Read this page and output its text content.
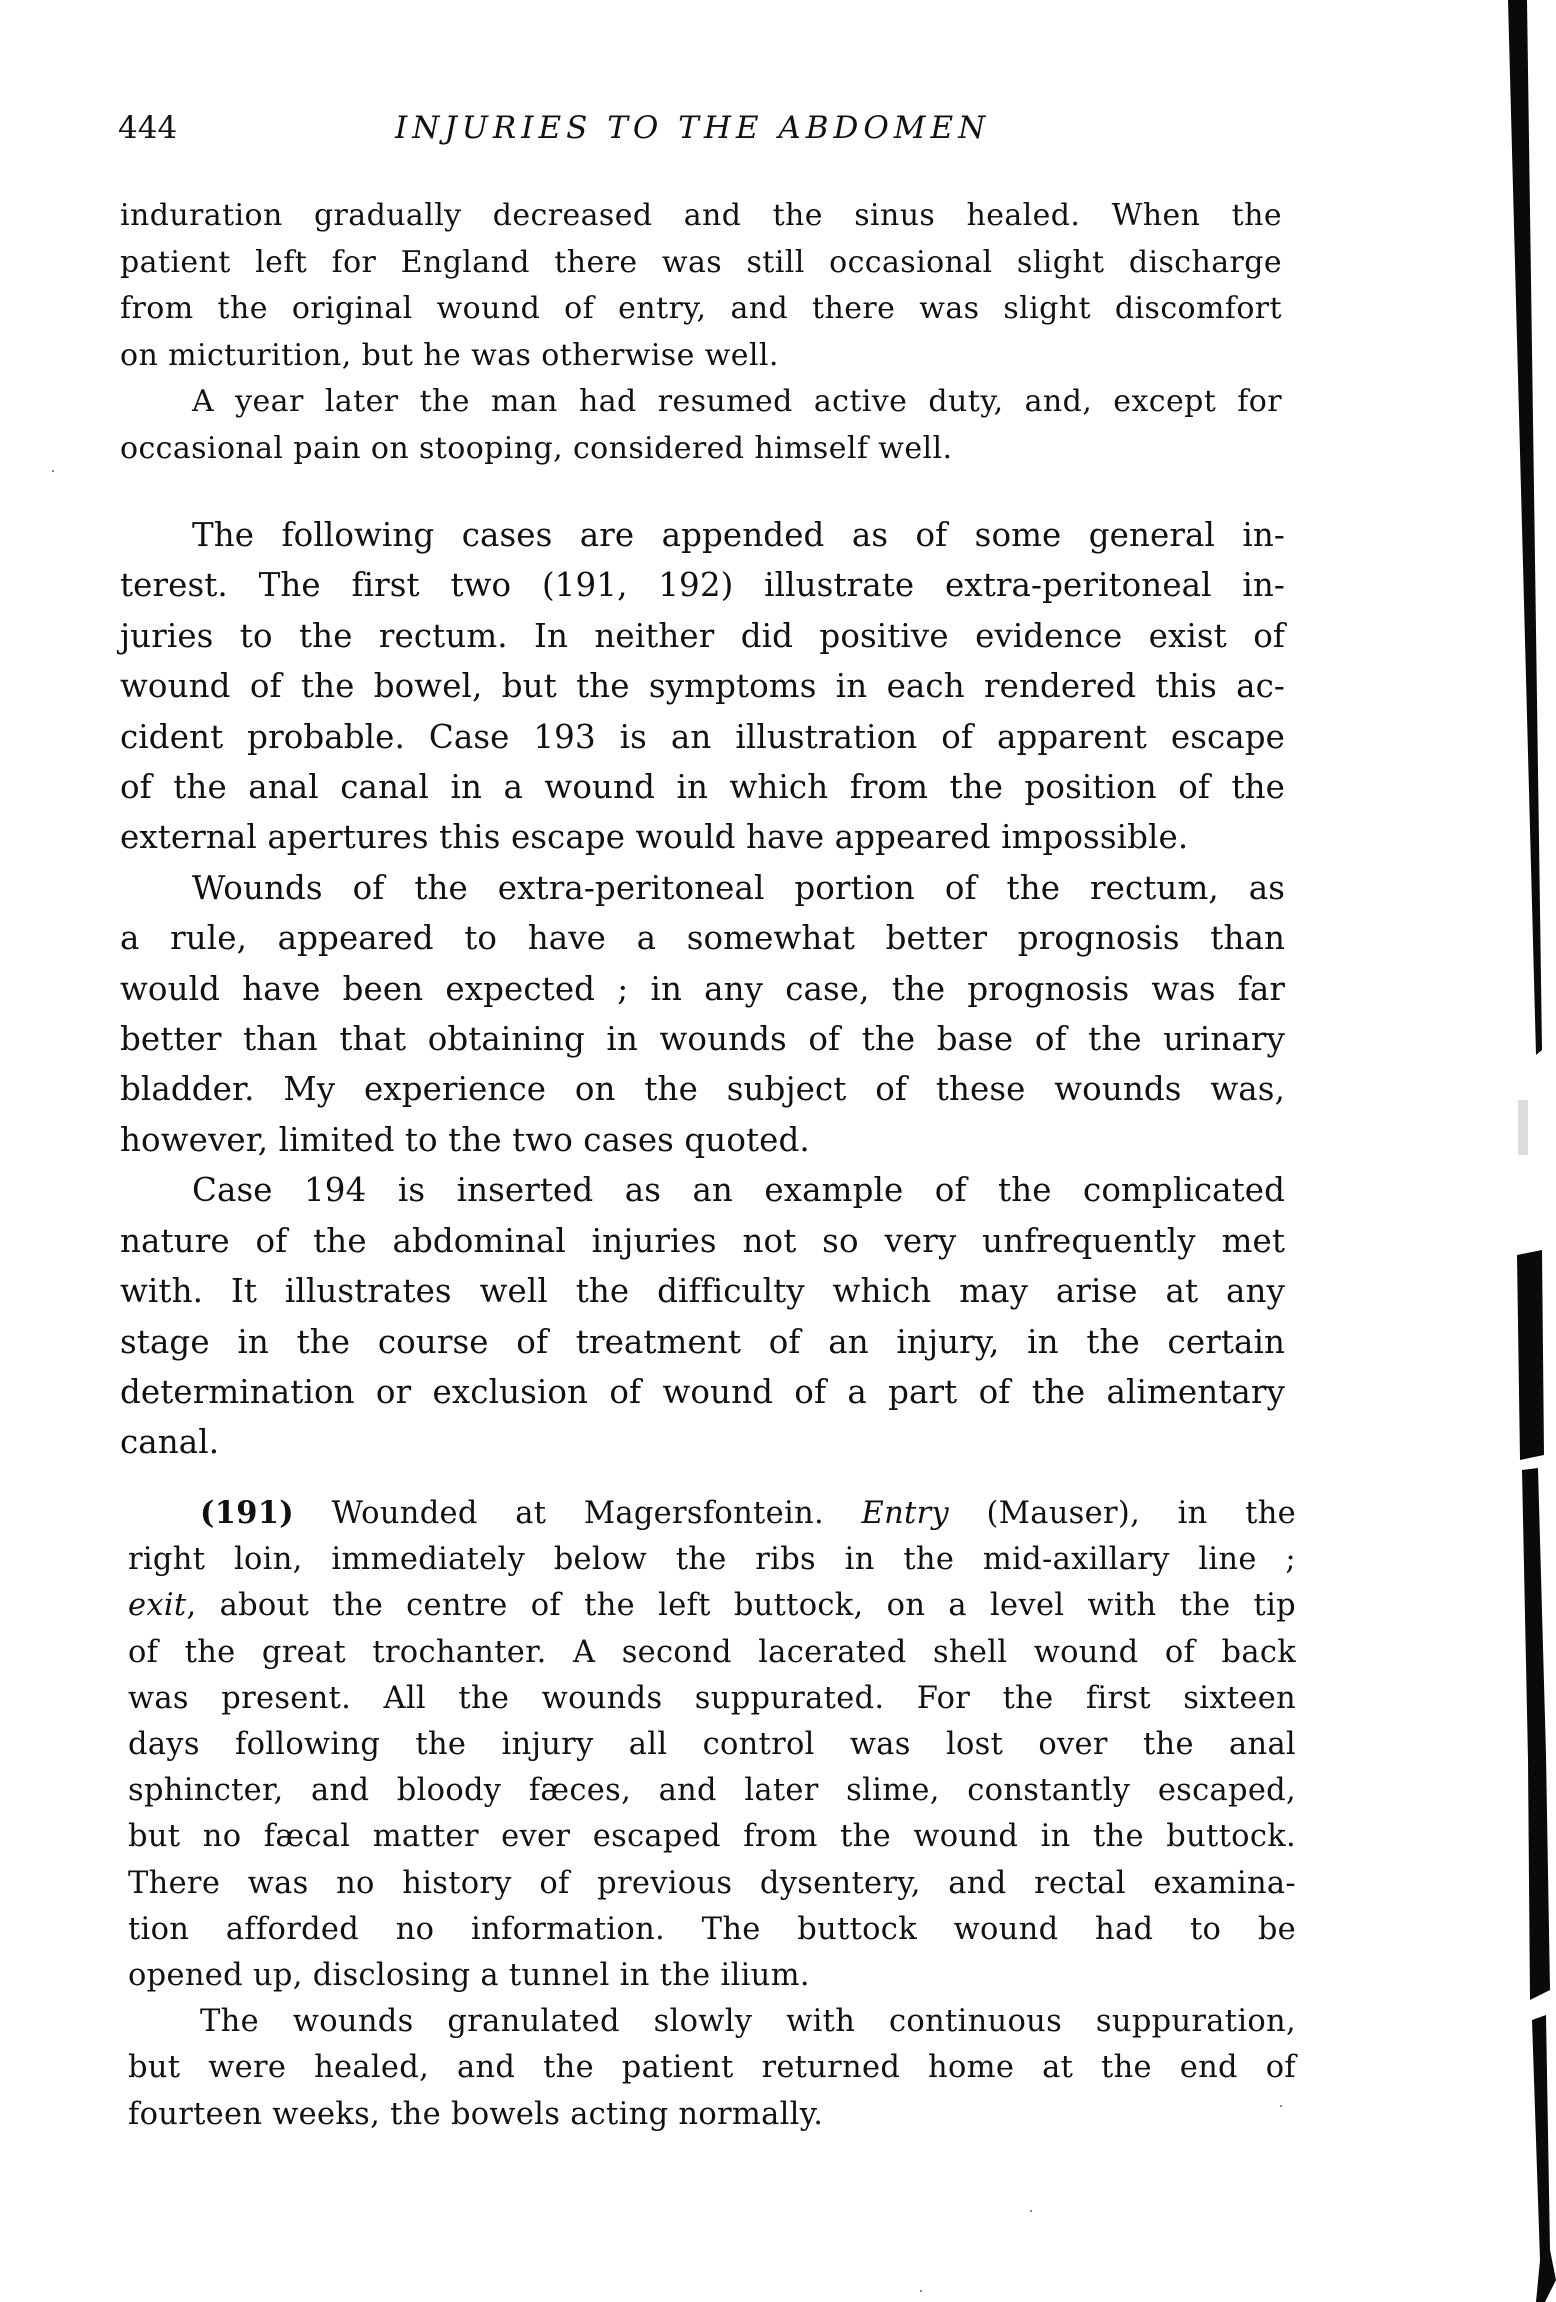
444	INJURIES TO THE ABDOMEN

induration gradually decreased and the sinus healed. When the
patient left for England there was still occasional slight discharge
from the original wound of entry, and there was slight discomfort
on micturition, but he was otherwise well.

A year later the man had resumed active duty, and, except for
occasional pain on stooping, considered himself well.

The following cases are appended as of some general in-
terest. The first two (191, 192) illustrate extra-peritoneal in-
juries to the rectum. In neither did positive evidence exist of
wound of the bowel, but the symptoms in each rendered this ac-
cident probable. Case 193 is an illustration of apparent escape
of the anal canal in a wound in which from the position of the
external apertures this escape would have appeared impossible.

Wounds of the extra-peritoneal portion of the rectum, as
a rule, appeared to have a somewhat better prognosis than
would have been expected ; in any case, the prognosis was far
better than that obtaining in wounds of the base of the urinary
bladder. My experience on the subject of these wounds was,
however, limited to the two cases quoted.

Case 194 is inserted as an example of the complicated
nature of the abdominal injuries not so very unfrequently met
with. It illustrates well the difficulty which may arise at any
stage in the course of treatment of an injury, in the certain
determination or exclusion of wound of a part of the alimentary
canal.

(191) Wounded at Magersfontein. Entry (Mauser), in the
right loin, immediately below the ribs in the mid-axillary line ;
exit, about the centre of the left buttock, on a level with the tip
of the great trochanter. A second lacerated shell wound of back
was present. All the wounds suppurated. For the first sixteen
days following the injury all control was lost over the anal
sphincter, and bloody fæces, and later slime, constantly escaped,
but no fæcal matter ever escaped from the wound in the buttock.
There was no history of previous dysentery, and rectal examina-
tion afforded no information. The buttock wound had to be
opened up, disclosing a tunnel in the ilium.

The wounds granulated slowly with continuous suppuration,
but were healed, and the patient returned home at the end of
fourteen weeks, the bowels acting normally.
